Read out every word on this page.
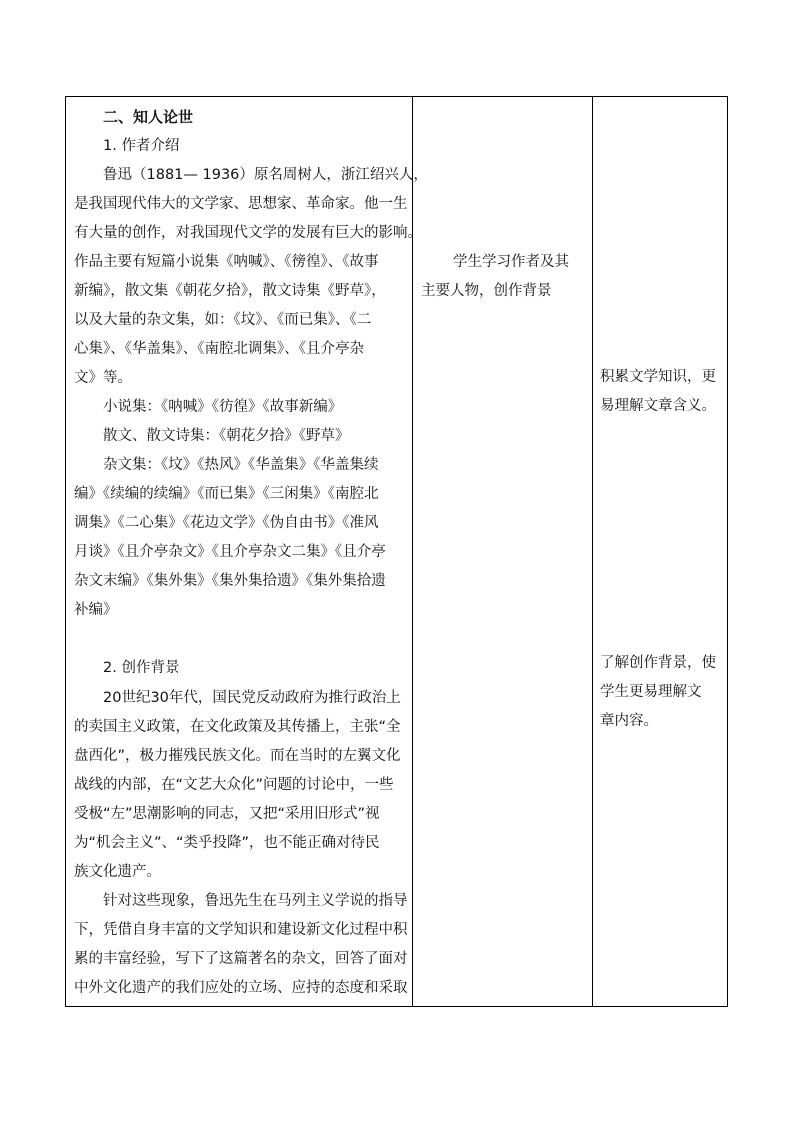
二、知人论世
1. 作者介绍
鲁迅（1881— 1936）原名周树人，浙江绍兴人，
是我国现代伟大的文学家、思想家、革命家。他一生
有大量的创作，对我国现代文学的发展有巨大的影响。
作品主要有短篇小说集《呐喊》、《徬徨》、《故事
新编》，散文集《朝花夕拾》，散文诗集《野草》，
以及大量的杂文集，如：《坟》、《而已集》、《二
心集》、《华盖集》、《南腔北调集》、《且介亭杂
文》等。
小说集：《呐喊》《彷徨》《故事新编》
散文、散文诗集：《朝花夕拾》《野草》
杂文集：《坟》《热风》《华盖集》《华盖集续
编》《续编的续编》《而已集》《三闲集》《南腔北
调集》《二心集》《花边文学》《伪自由书》《准风
月谈》《且介亭杂文》《且介亭杂文二集》《且介亭
杂文末编》《集外集》《集外集拾遗》《集外集拾遗
补编》
2. 创作背景
20世纪30年代，国民党反动政府为推行政治上
的卖国主义政策，在文化政策及其传播上，主张“全
盘西化”，极力摧残民族文化。而在当时的左翼文化
战线的内部，在“文艺大众化”问题的讨论中，一些
受极“左”思潮影响的同志，又把“采用旧形式”视
为“机会主义”、“类乎投降”，也不能正确对待民
族文化遗产。
针对这些现象，鲁迅先生在马列主义学说的指导
下，凭借自身丰富的文学知识和建设新文化过程中积
累的丰富经验，写下了这篇著名的杂文，回答了面对
中外文化遗产的我们应处的立场、应持的态度和采取
学生学习作者及其
主要人物，创作背景
积累文学知识，更
易理解文章含义。
了解创作背景，使
学生更易理解文
章内容。
